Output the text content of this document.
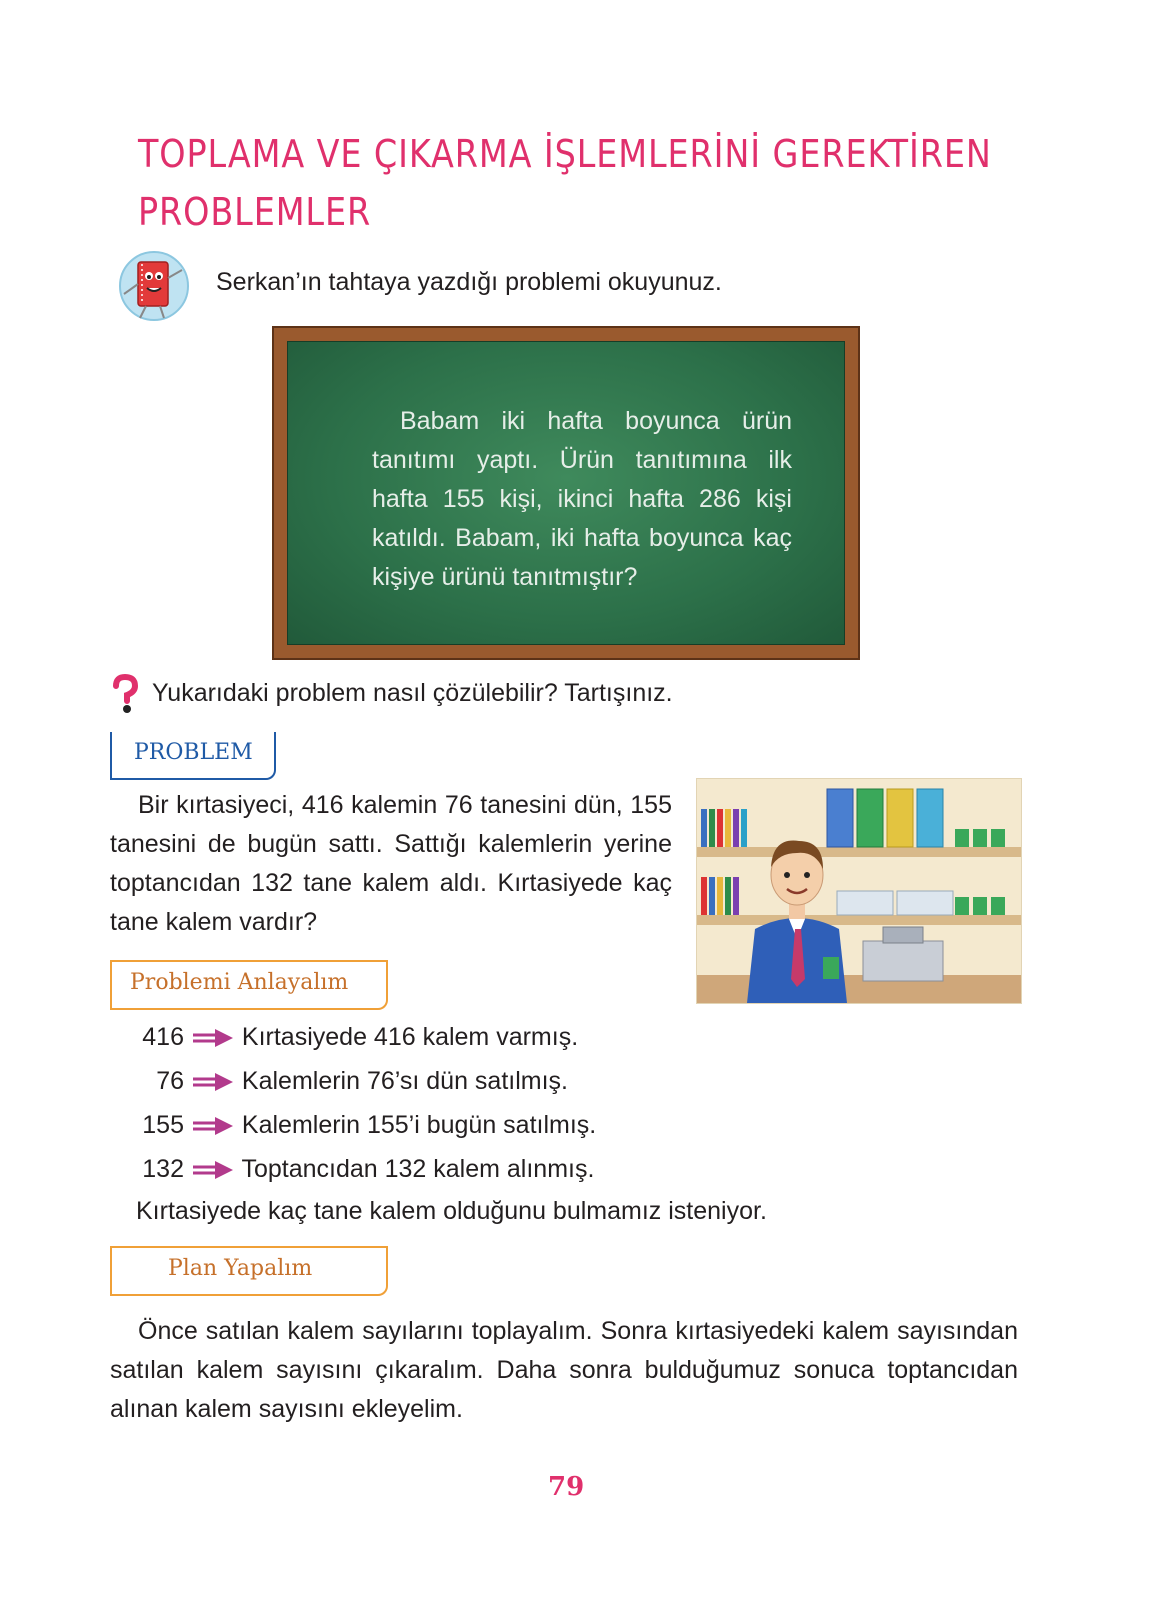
TOPLAMA VE ÇIKARMA İŞLEMLERİNİ GEREKTİREN
PROBLEMLER
Serkan’ın tahtaya yazdığı problemi okuyunuz.
Babam iki hafta boyunca ürün tanıtımı yaptı. Ürün tanıtımına ilk hafta 155 kişi, ikinci hafta 286 kişi katıldı. Babam, iki hafta boyunca kaç kişiye ürünü tanıtmıştır?
Yukarıdaki problem nasıl çözülebilir? Tartışınız.
PROBLEM
Bir kırtasiyeci, 416 kalemin 76 tanesini dün, 155 tanesini de bugün sattı. Sattığı kalemlerin yerine toptancıdan 132 tane kalem aldı. Kırtasiyede kaç tane kalem vardır?
Problemi Anlayalım
416 Kırtasiyede 416 kalem varmış.
76 Kalemlerin 76’sı dün satılmış.
155 Kalemlerin 155’i bugün satılmış.
132 Toptancıdan 132 kalem alınmış.
Kırtasiyede kaç tane kalem olduğunu bulmamız isteniyor.
Plan Yapalım
Önce satılan kalem sayılarını toplayalım. Sonra kırtasiyedeki kalem sayısından satılan kalem sayısını çıkaralım. Daha sonra bulduğumuz sonuca toptancıdan alınan kalem sayısını ekleyelim.
79
